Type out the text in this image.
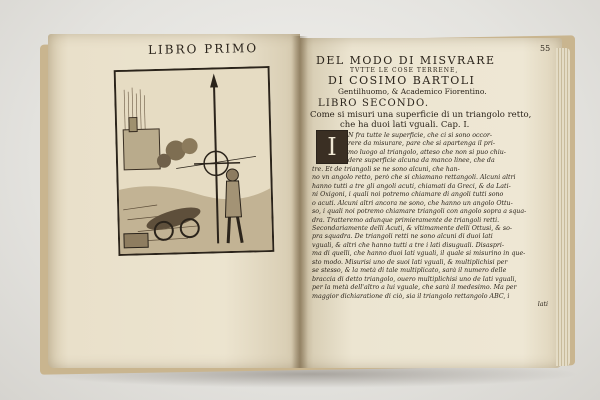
LIBRO PRIMO	55
DEL MODO DI MISVRARE
TVTTE LE COSE TERRENE,
DI COSIMO BARTOLI
Gentilhuomo, & Academico Fiorentino.
LIBRO SECONDO.
Come si misuri una superficie di un triangolo retto,
che ha duoi lati vguali. Cap. I.
N fra tutte le superficie, che ci si sono occor-
rere da misurare, pare che si apartenga il pri-
mo luogo al triangolo, atteso che non si puo chiu-
dere superficie alcuna da manco linee, che da
tre. Et de triangoli se ne sono alcuni, che han-
no vn angolo retto, però che si chiamano rettangoli. Alcuni altri
hanno tutti a tre gli angoli acuti, chiamati da Greci, & da Lati-
ni Oxigoni, i quali noi potremo chiamare di angoli tutti sono
o acuti. Alcuni altri ancora ne sono, che hanno un angolo Ottu-
so, i quali noi potremo chiamare triangoli con angolo sopra a squa-
dra. Tratteremo adunque primieramente de triangoli retti.
Secondariamente delli Acuti, & vltimamente delli Ottusi, & so-
pra squadra. De triangoli retti ne sono alcuni di duoi lati
vguali, & altri che hanno tutti a tre i lati disuguali. Disaspri-
ma di quelli, che hanno duoi lati vguali, il quale si misurino in que-
sto modo. Misurisi uno de suoi lati vguali, & multiplichisi per
se stesso, & la metà di tale multiplicato, sarà il numero delle
braccia di detto triangolo, ouero multiplichisi uno de lati vguali,
per la metà dell'altro a lui vguale, che sarà il medesimo. Ma per
maggior dichiaratione di ciò, sia il triangolo rettangolo ABC, i
lati
I
